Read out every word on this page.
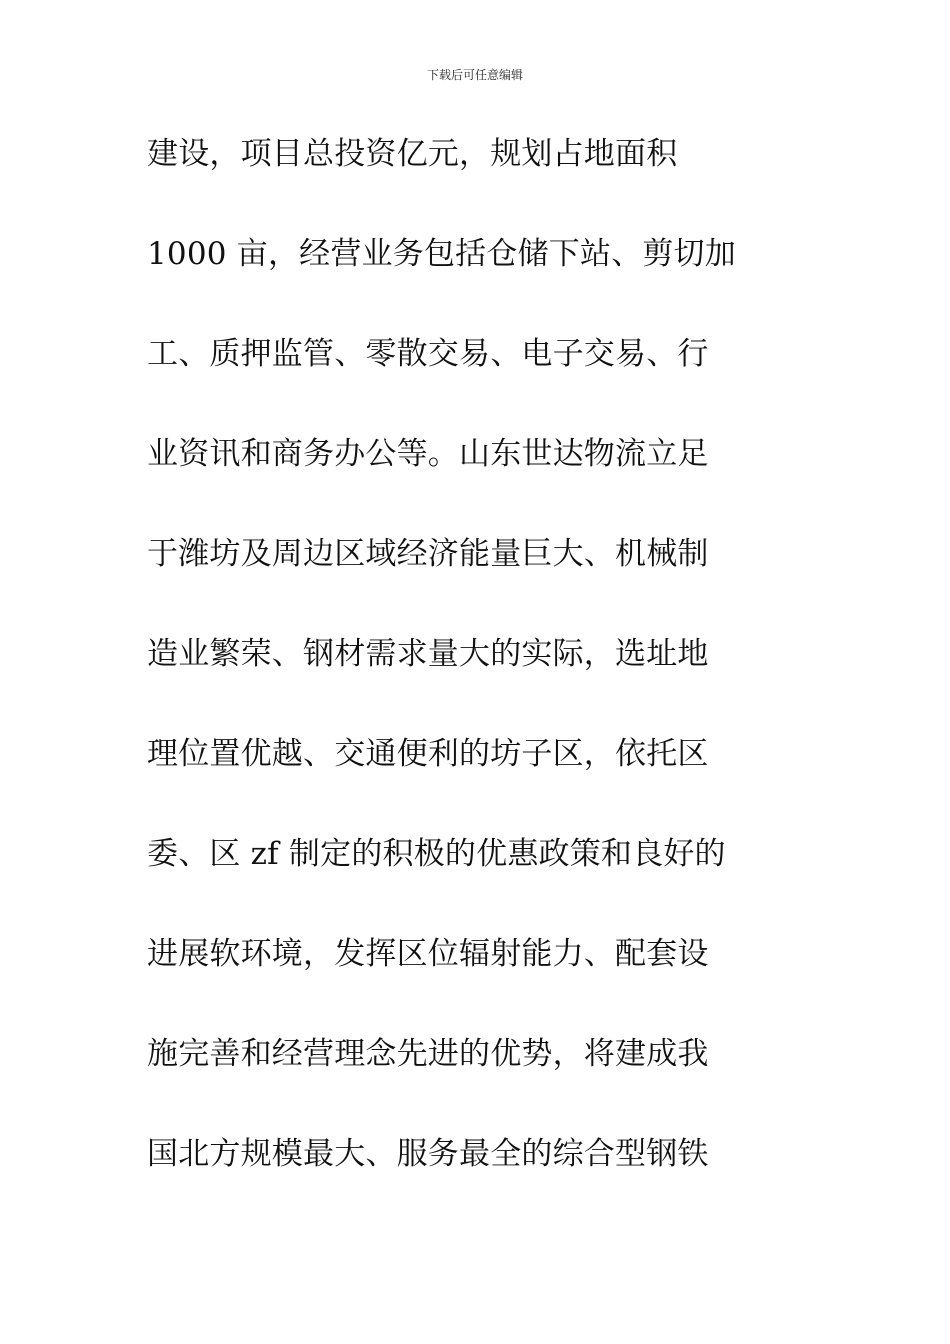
下载后可任意编辑
建设，项目总投资亿元，规划占地面积
1000 亩，经营业务包括仓储下站、剪切加
工、质押监管、零散交易、电子交易、行
业资讯和商务办公等。山东世达物流立足
于潍坊及周边区域经济能量巨大、机械制
造业繁荣、钢材需求量大的实际，选址地
理位置优越、交通便利的坊子区，依托区
委、区 zf 制定的积极的优惠政策和良好的
进展软环境，发挥区位辐射能力、配套设
施完善和经营理念先进的优势，将建成我
国北方规模最大、服务最全的综合型钢铁
